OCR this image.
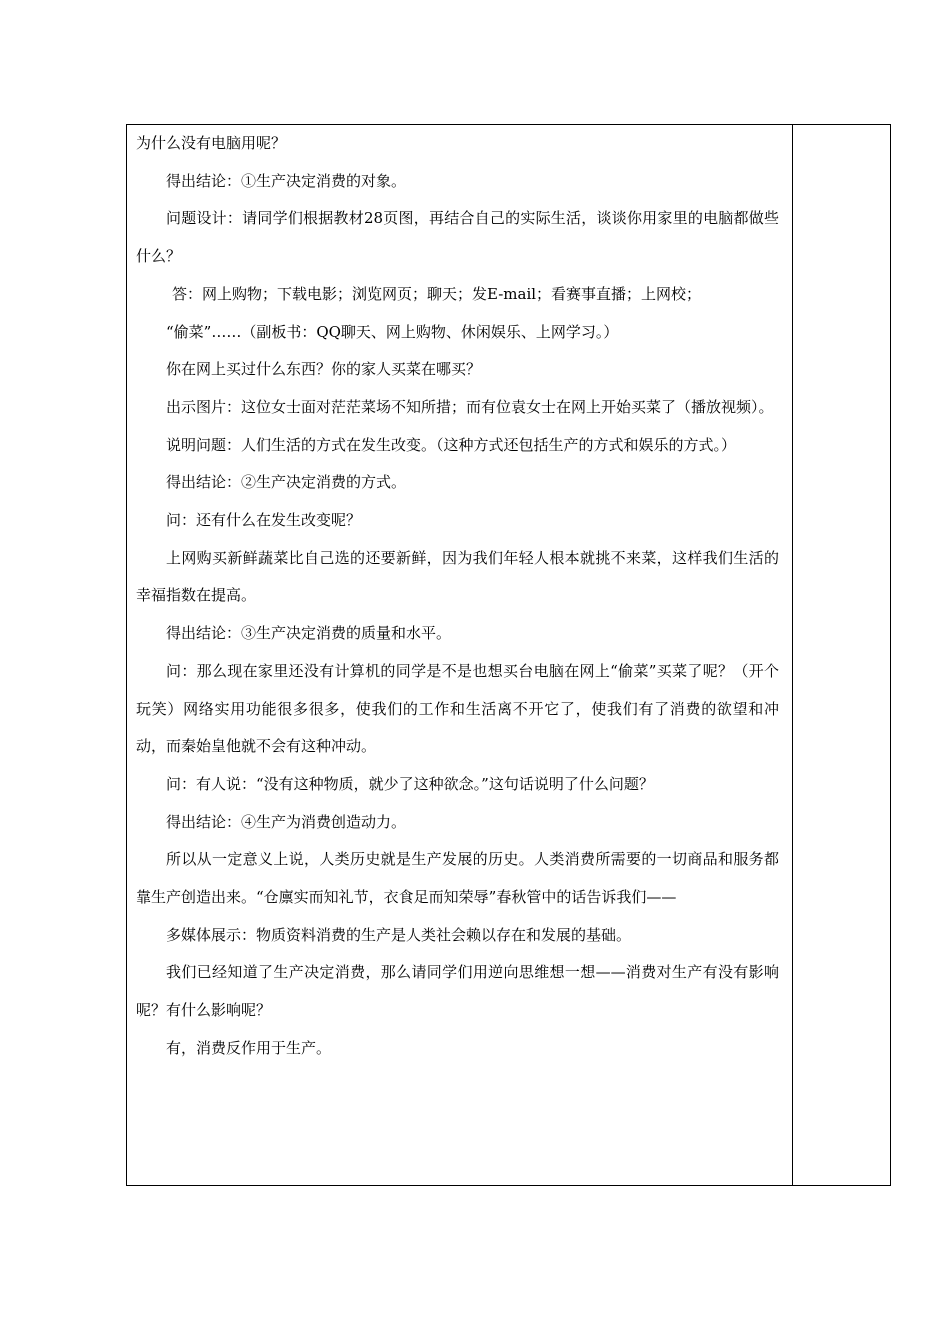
为什么没有电脑用呢？

得出结论：①生产决定消费的对象。

问题设计：请同学们根据教材28页图，再结合自己的实际生活，谈谈你用家里的电脑都做些什么？

答：网上购物；下载电影；浏览网页；聊天；发E-mail；看赛事直播；上网校；

“偷菜”……（副板书：QQ聊天、网上购物、休闲娱乐、上网学习。）

你在网上买过什么东西？你的家人买菜在哪买？

出示图片：这位女士面对茫茫菜场不知所措；而有位袁女士在网上开始买菜了（播放视频）。

说明问题：人们生活的方式在发生改变。（这种方式还包括生产的方式和娱乐的方式。）

得出结论：②生产决定消费的方式。

问：还有什么在发生改变呢？

上网购买新鲜蔬菜比自己选的还要新鲜，因为我们年轻人根本就挑不来菜，这样我们生活的幸福指数在提高。

得出结论：③生产决定消费的质量和水平。

问：那么现在家里还没有计算机的同学是不是也想买台电脑在网上“偷菜”买菜了呢？（开个玩笑）网络实用功能很多很多，使我们的工作和生活离不开它了，使我们有了消费的欲望和冲动，而秦始皇他就不会有这种冲动。

问：有人说：“没有这种物质，就少了这种欲念。”这句话说明了什么问题？

得出结论：④生产为消费创造动力。

所以从一定意义上说，人类历史就是生产发展的历史。人类消费所需要的一切商品和服务都靠生产创造出来。“仓廪实而知礼节，衣食足而知荣辱”春秋管中的话告诉我们——

多媒体展示：物质资料消费的生产是人类社会赖以存在和发展的基础。

我们已经知道了生产决定消费，那么请同学们用逆向思维想一想——消费对生产有没有影响呢？有什么影响呢？

有，消费反作用于生产。
